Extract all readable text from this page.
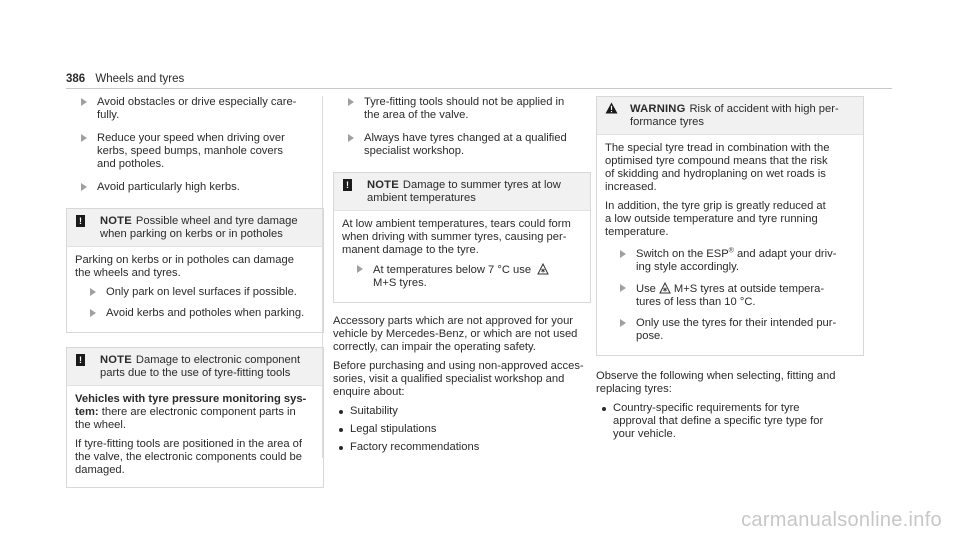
386 Wheels and tyres

Avoid obstacles or drive especially care-
fully.

Reduce your speed when driving over
kerbs, speed bumps, manhole covers
and potholes.

Avoid particularly high kerbs.

! NOTE Possible wheel and tyre damage
when parking on kerbs or in potholes

Parking on kerbs or in potholes can damage
the wheels and tyres.

Only park on level surfaces if possible.

Avoid kerbs and potholes when parking.

! NOTE Damage to electronic component
parts due to the use of tyre-fitting tools

Vehicles with tyre pressure monitoring sys-
tem: there are electronic component parts in
the wheel.

If tyre-fitting tools are positioned in the area of
the valve, the electronic components could be
damaged.

Tyre-fitting tools should not be applied in
the area of the valve.

Always have tyres changed at a qualified
specialist workshop.

! NOTE Damage to summer tyres at low
ambient temperatures

At low ambient temperatures, tears could form
when driving with summer tyres, causing per-
manent damage to the tyre.

At temperatures below 7 °C use
M+S tyres.

Accessory parts which are not approved for your
vehicle by Mercedes-Benz, or which are not used
correctly, can impair the operating safety.

Before purchasing and using non-approved acces-
sories, visit a qualified specialist workshop and
enquire about:

Suitability
Legal stipulations
Factory recommendations
WARNING Risk of accident with high per-
formance tyres

The special tyre tread in combination with the
optimised tyre compound means that the risk
of skidding and hydroplaning on wet roads is
increased.

In addition, the tyre grip is greatly reduced at
a low outside temperature and tyre running
temperature.

Switch on the ESP® and adapt your driv-
ing style accordingly.

Use M+S tyres at outside tempera-
tures of less than 10 °C.

Only use the tyres for their intended pur-
pose.

Observe the following when selecting, fitting and
replacing tyres:

Country-specific requirements for tyre
approval that define a specific tyre type for
your vehicle.
carmanualsonline.info
